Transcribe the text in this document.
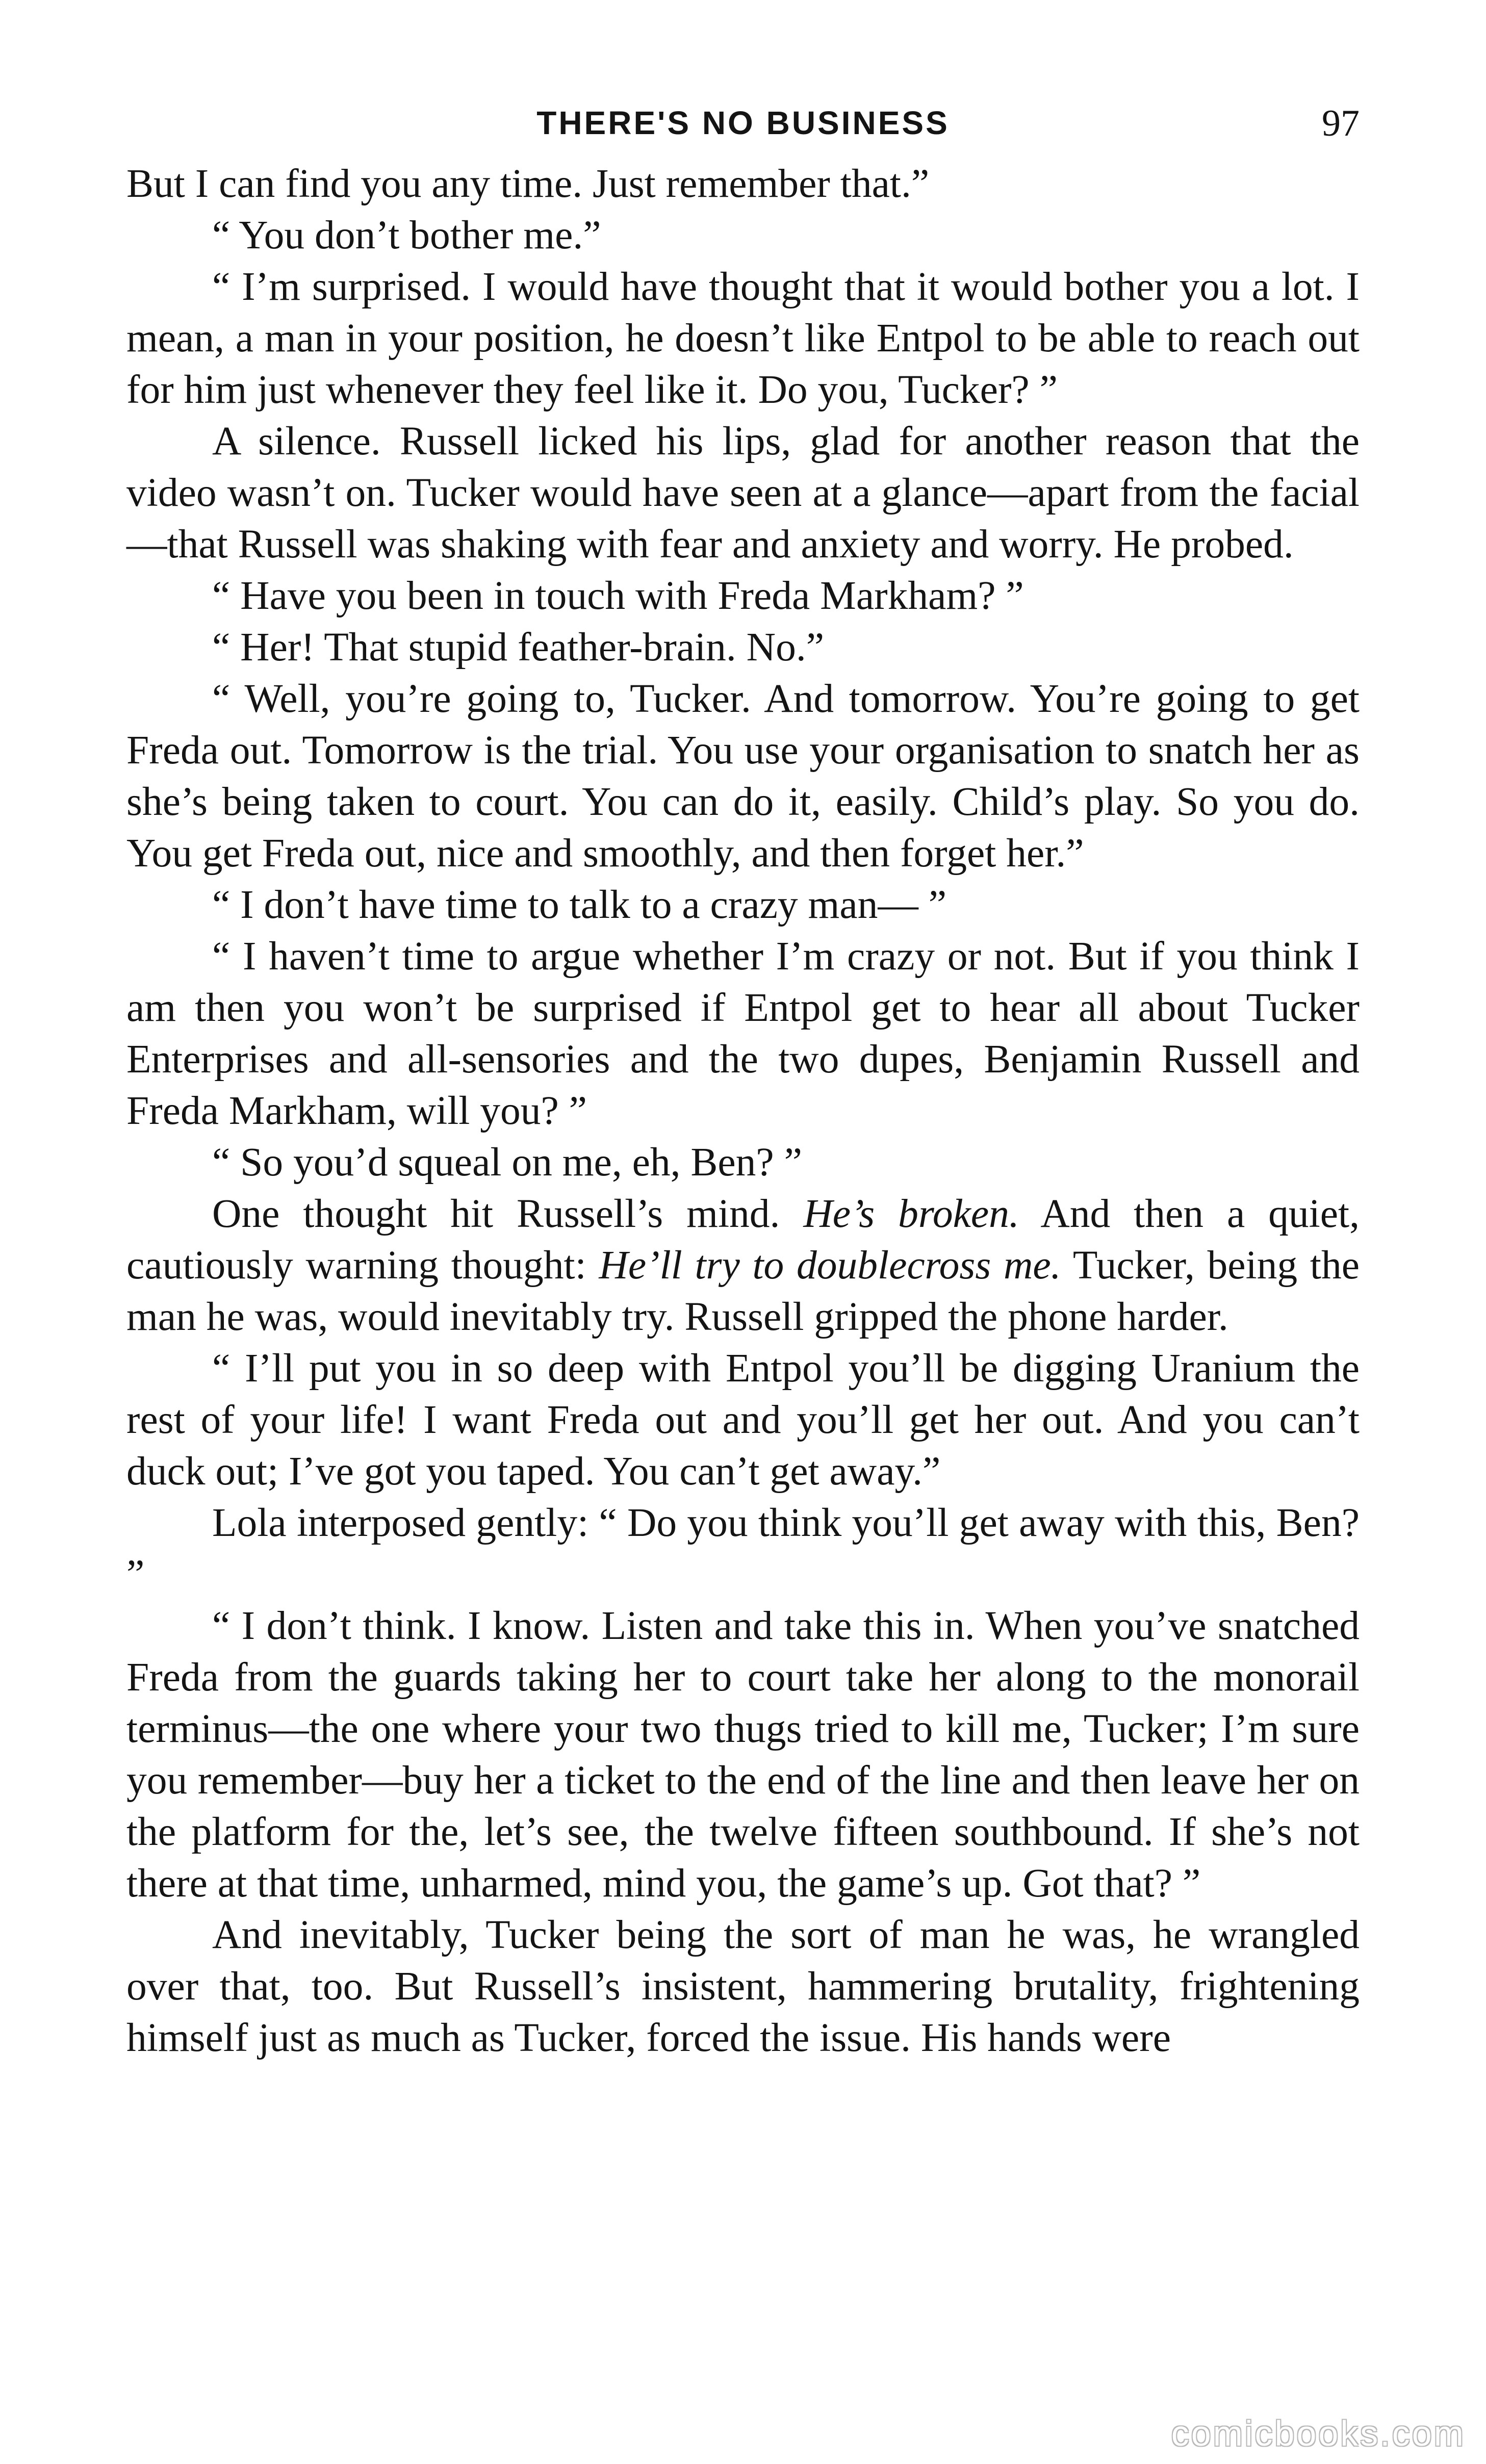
THERE'S NO BUSINESS	97

But I can find you any time. Just remember that.”

“ You don’t bother me.”

“ I’m surprised. I would have thought that it would bother you a lot. I mean, a man in your position, he doesn’t like Entpol to be able to reach out for him just whenever they feel like it. Do you, Tucker? ”

A silence. Russell licked his lips, glad for another reason that the video wasn’t on. Tucker would have seen at a glance—apart from the facial—that Russell was shaking with fear and anxiety and worry. He probed.

“ Have you been in touch with Freda Markham? ”

“ Her! That stupid feather-brain. No.”

“ Well, you’re going to, Tucker. And tomorrow. You’re going to get Freda out. Tomorrow is the trial. You use your organisation to snatch her as she’s being taken to court. You can do it, easily. Child’s play. So you do. You get Freda out, nice and smoothly, and then forget her.”

“ I don’t have time to talk to a crazy man— ”

“ I haven’t time to argue whether I’m crazy or not. But if you think I am then you won’t be surprised if Entpol get to hear all about Tucker Enterprises and all-sensories and the two dupes, Benjamin Russell and Freda Markham, will you? ”

“ So you’d squeal on me, eh, Ben? ”

One thought hit Russell’s mind. He’s broken. And then a quiet, cautiously warning thought: He’ll try to doublecross me. Tucker, being the man he was, would inevitably try. Russell gripped the phone harder.

“ I’ll put you in so deep with Entpol you’ll be digging Uranium the rest of your life! I want Freda out and you’ll get her out. And you can’t duck out; I’ve got you taped. You can’t get away.”

Lola interposed gently: “ Do you think you’ll get away with this, Ben? ”

“ I don’t think. I know. Listen and take this in. When you’ve snatched Freda from the guards taking her to court take her along to the monorail terminus—the one where your two thugs tried to kill me, Tucker; I’m sure you remember—buy her a ticket to the end of the line and then leave her on the platform for the, let’s see, the twelve fifteen southbound. If she’s not there at that time, unharmed, mind you, the game’s up. Got that? ”

And inevitably, Tucker being the sort of man he was, he wrangled over that, too. But Russell’s insistent, hammering brutality, frightening himself just as much as Tucker, forced the issue. His hands were

comicbooks.com
